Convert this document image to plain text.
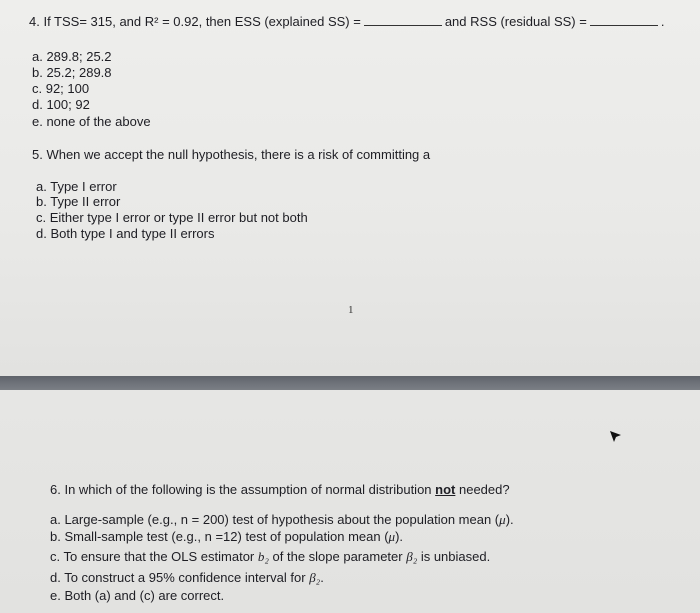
4. If TSS= 315, and R² = 0.92, then ESS (explained SS) =	and RSS (residual SS) =	.
a. 289.8; 25.2
b. 25.2; 289.8
c. 92; 100
d. 100; 92
e. none of the above
5. When we accept the null hypothesis, there is a risk of committing a
a. Type I error
b. Type II error
c. Either type I error or type II error but not both
d. Both type I and type II errors
1
6. In which of the following is the assumption of normal distribution not needed?
a. Large-sample (e.g., n = 200) test of hypothesis about the population mean (μ).
b. Small-sample test (e.g., n =12) test of population mean (μ).
c. To ensure that the OLS estimator b₂ of the slope parameter β₂ is unbiased.
d. To construct a 95% confidence interval for β₂.
e. Both (a) and (c) are correct.
